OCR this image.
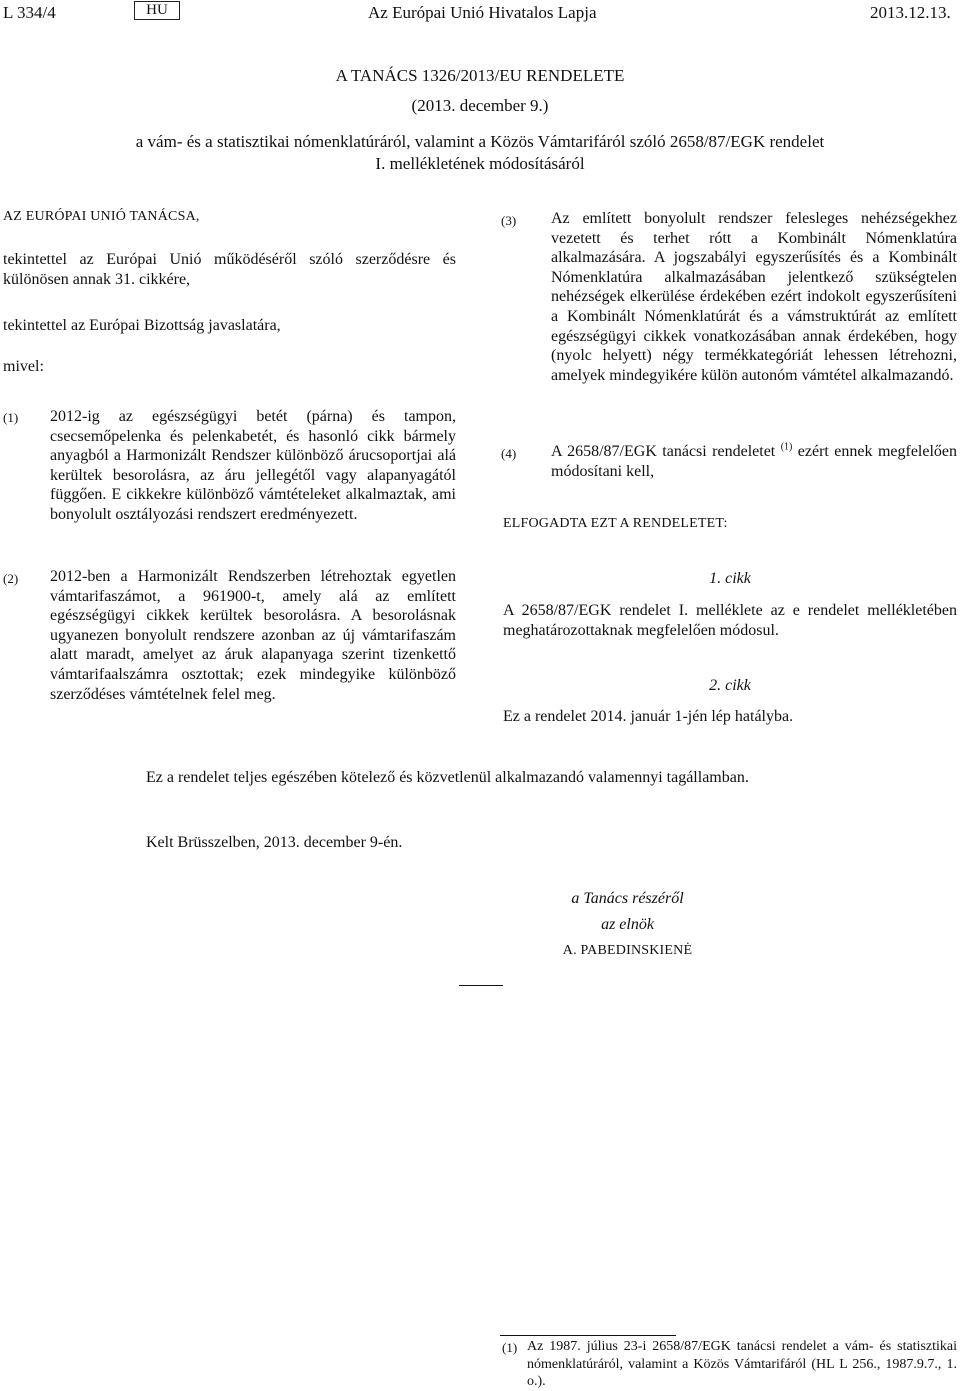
L 334/4	HU	Az Európai Unió Hivatalos Lapja	2013.12.13.
A TANÁCS 1326/2013/EU RENDELETE
(2013. december 9.)
a vám- és a statisztikai nómenklatúráról, valamint a Közös Vámtarifáról szóló 2658/87/EGK rendelet
I. mellékletének módosításáról
AZ EURÓPAI UNIÓ TANÁCSA,
tekintettel az Európai Unió működéséről szóló szerződésre és különösen annak 31. cikkére,
tekintettel az Európai Bizottság javaslatára,
mivel:
(1) 2012-ig az egészségügyi betét (párna) és tampon, csecsemőpelenka és pelenkabetét, és hasonló cikk bármely anyagból a Harmonizált Rendszer különböző árucsoportjai alá kerültek besorolásra, az áru jellegétől vagy alapanyagától függően. E cikkekre különböző vámtételeket alkalmaztak, ami bonyolult osztályozási rendszert eredményezett.
(2) 2012-ben a Harmonizált Rendszerben létrehoztak egyetlen vámtarifaszámot, a 961900-t, amely alá az említett egészségügyi cikkek kerültek besorolásra. A besorolásnak ugyanezen bonyolult rendszere azonban az új vámtarifaszám alatt maradt, amelyet az áruk alapanyaga szerint tizenkettő vámtarifaalszámra osztottak; ezek mindegyike különböző szerződéses vámtételnek felel meg.
(3) Az említett bonyolult rendszer felesleges nehézségekhez vezetett és terhet rótt a Kombinált Nómenklatúra alkalmazására. A jogszabályi egyszerűsítés és a Kombinált Nómenklatúra alkalmazásában jelentkező szükségtelen nehézségek elkerülése érdekében ezért indokolt egyszerűsíteni a Kombinált Nómenklatúrát és a vámstruktúrát az említett egészségügyi cikkek vonatkozásában annak érdekében, hogy (nyolc helyett) négy termékkategóriát lehessen létrehozni, amelyek mindegyikére külön autonóm vámtétel alkalmazandó.
(4) A 2658/87/EGK tanácsi rendeletet $^{(1)}$ ezért ennek megfelelően módosítani kell,
ELFOGADTA EZT A RENDELETET:
1. cikk
A 2658/87/EGK rendelet I. melléklete az e rendelet mellékletében meghatározottaknak megfelelően módosul.
2. cikk
Ez a rendelet 2014. január 1-jén lép hatályba.
Ez a rendelet teljes egészében kötelező és közvetlenül alkalmazandó valamennyi tagállamban.
Kelt Brüsszelben, 2013. december 9-én.
a Tanács részéről
az elnök
A. PABEDINSKIENĖ
(1) Az 1987. július 23-i 2658/87/EGK tanácsi rendelet a vám- és statisztikai nómenklatúráról, valamint a Közös Vámtarifáról (HL L 256., 1987.9.7., 1. o.).
